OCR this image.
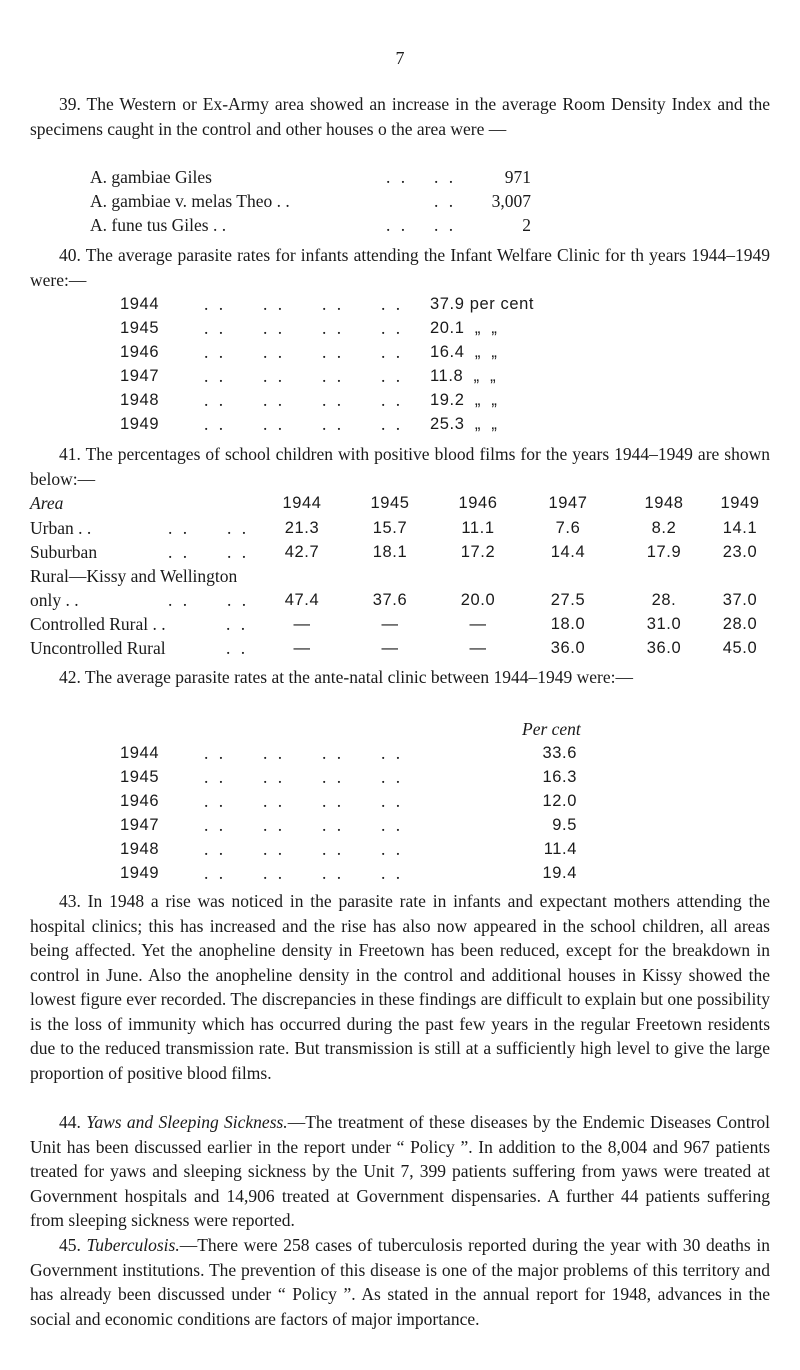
7

39. The Western or Ex-Army area showed an increase in the average Room Density Index and the specimens caught in the control and other houses o the area were —

A. gambiae Giles	. . . .	971
A. gambiae v. melas Theo . .	. .	3,007
A. fune tus Giles . .	. . . .	2

40. The average parasite rates for infants attending the Infant Welfare Clinic for th years 1944–1949 were:—

1944	. .     . .     . .     . . 37.9 per cent
1945	. .     . .     . .     . . 20.1  „  „
1946	. .     . .     . .     . . 16.4  „  „
1947	. .     . .     . .     . . 11.8  „  „
1948	. .     . .     . .     . . 19.2  „  „
1949	. .     . .     . .     . . 25.3  „  „

41. The percentages of school children with positive blood films for the years 1944–1949 are shown below:—

Area	1944	1945	1946	1947	1948	1949
Urban . .	. .     . .	21.3	15.7	11.1	7.6	8.2	14.1
Suburban	. .     . .	42.7	18.1	17.2	14.4	17.9	23.0
Rural—Kissy and Wellington
only . .	. .     . .	47.4	37.6	20.0	27.5	28.	37.0
Controlled Rural . .	. .	—	—	—	18.0	31.0	28.0
Uncontrolled Rural	. .	—	—	—	36.0	36.0	45.0

42. The average parasite rates at the ante-natal clinic between 1944–1949 were:—

Per cent
1944	. .     . .     . .     . .	33.6
1945	. .     . .     . .     . .	16.3
1946	. .     . .     . .     . .	12.0
1947	. .     . .     . .     . .	9.5
1948	. .     . .     . .     . .	11.4
1949	. .     . .     . .     . .	19.4

43. In 1948 a rise was noticed in the parasite rate in infants and expectant mothers attending the hospital clinics; this has increased and the rise has also now appeared in the school children, all areas being affected. Yet the anopheline density in Freetown has been reduced, except for the breakdown in control in June. Also the anopheline density in the control and additional houses in Kissy showed the lowest figure ever recorded. The discrepancies in these findings are difficult to explain but one possibility is the loss of immunity which has occurred during the past few years in the regular Freetown residents due to the reduced transmission rate. But transmission is still at a sufficiently high level to give the large proportion of positive blood films.

44. Yaws and Sleeping Sickness.—The treatment of these diseases by the Endemic Diseases Control Unit has been discussed earlier in the report under “ Policy ”. In addition to the 8,004 and 967 patients treated for yaws and sleeping sickness by the Unit 7, 399 patients suffering from yaws were treated at Government hospitals and 14,906 treated at Government dispensaries. A further 44 patients suffering from sleeping sickness were reported.

45. Tuberculosis.—There were 258 cases of tuberculosis reported during the year with 30 deaths in Government institutions. The prevention of this disease is one of the major problems of this territory and has already been discussed under “ Policy ”. As stated in the annual report for 1948, advances in the social and economic conditions are factors of major importance.
